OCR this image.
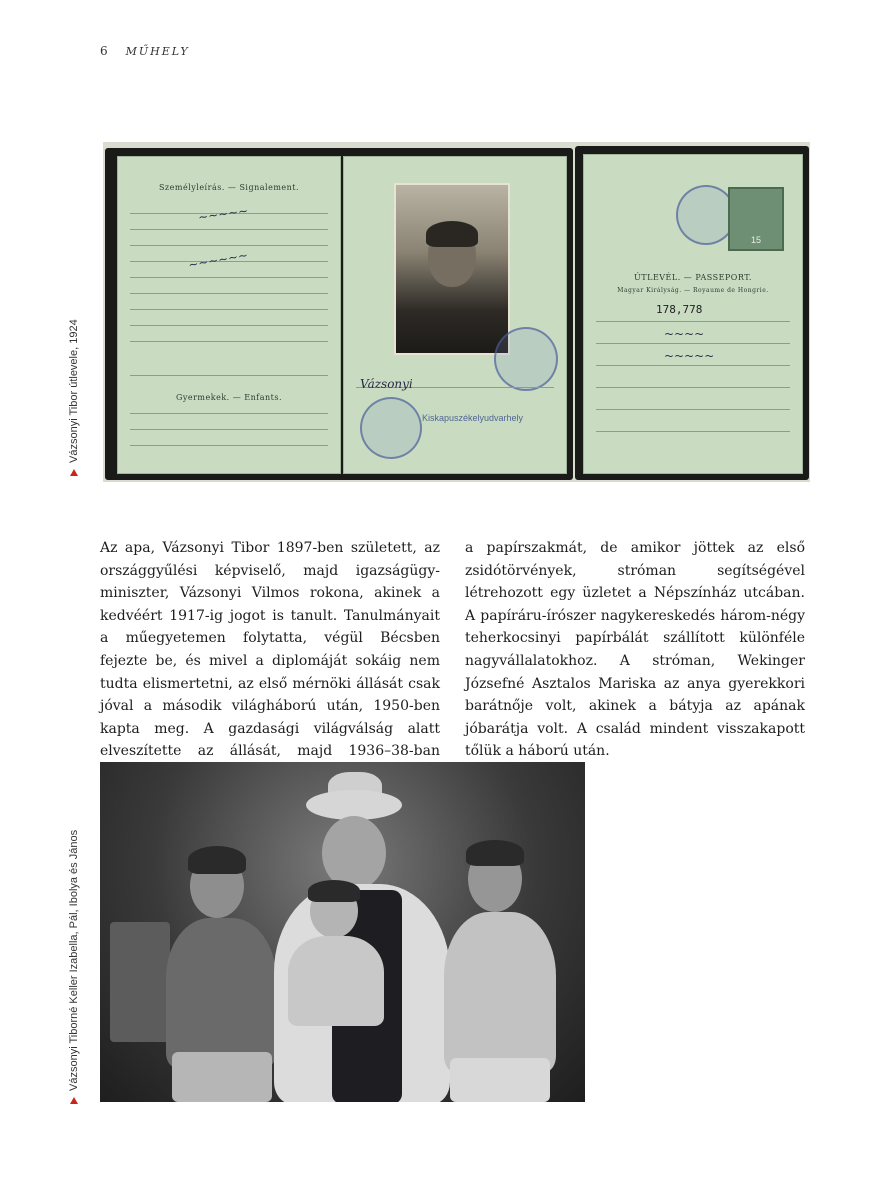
6 MŰHELY
Vázsonyi Tibor útlevele, 1924
Személyleírás. — Signalement.
Gyermekek. — Enfants.
~~~~~
~~~~~~
Kiskapuszékelyudvarhely
Vázsonyi
15
ÚTLEVÉL. — PASSEPORT.
Magyar Királyság. — Royaume de Hongrie.
178,778
~~~~
~~~~~
Az apa, Vázsonyi Tibor 1897-ben született, az országgyűlési képviselő, majd igazságügy-miniszter, Vázsonyi Vilmos rokona, akinek a kedvéért 1917-ig jogot is tanult. Tanulmányait a műegyetemen folytatta, végül Bécsben fejezte be, és mivel a diplomáját sokáig nem tudta elismertetni, az első mérnöki állását csak jóval a második világháború után, 1950-ben kapta meg. A gazdasági világválság alatt elveszítette az állását, majd 1936–38-ban
a papírszakmát, de amikor jöttek az első zsidótörvények, stróman segítségével létrehozott egy üzletet a Népszínház utcában. A papíráru-írószer nagykereskedés három-négy teherkocsinyi papírbálát szállított különféle nagyvállalatokhoz. A stróman, Wekinger Józsefné Asztalos Mariska az anya gyerekkori barátnője volt, akinek a bátyja az apának jóbarátja volt. A család mindent visszakapott tőlük a háború után.
Vázsonyi Tiborné Keller Izabella, Pál, Ibolya és János
